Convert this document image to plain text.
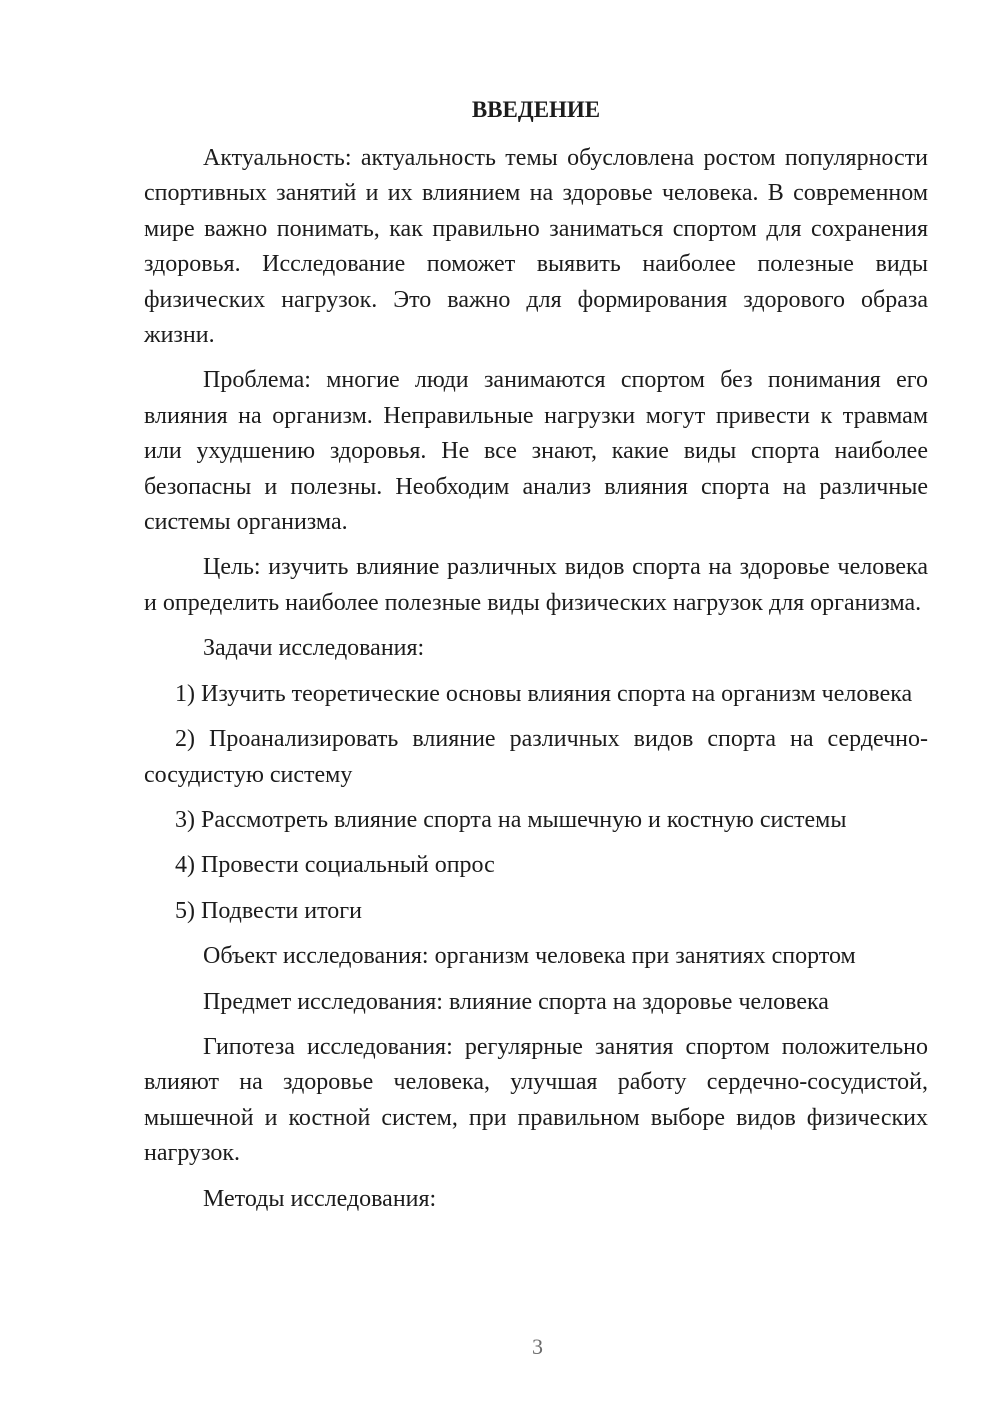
ВВЕДЕНИЕ

Актуальность: актуальность темы обусловлена ростом популярности спортивных занятий и их влиянием на здоровье человека. В современном мире важно понимать, как правильно заниматься спортом для сохранения здоровья. Исследование поможет выявить наиболее полезные виды физических нагрузок. Это важно для формирования здорового образа жизни.

Проблема: многие люди занимаются спортом без понимания его влияния на организм. Неправильные нагрузки могут привести к травмам или ухудшению здоровья. Не все знают, какие виды спорта наиболее безопасны и полезны. Необходим анализ влияния спорта на различные системы организма.

Цель: изучить влияние различных видов спорта на здоровье человека и определить наиболее полезные виды физических нагрузок для организма.

Задачи исследования:

1) Изучить теоретические основы влияния спорта на организм человека

2) Проанализировать влияние различных видов спорта на сердечно-сосудистую систему

3) Рассмотреть влияние спорта на мышечную и костную системы

4) Провести социальный опрос

5) Подвести итоги

Объект исследования: организм человека при занятиях спортом

Предмет исследования: влияние спорта на здоровье человека

Гипотеза исследования: регулярные занятия спортом положительно влияют на здоровье человека, улучшая работу сердечно-сосудистой, мышечной и костной систем, при правильном выборе видов физических нагрузок.

Методы исследования:

3
